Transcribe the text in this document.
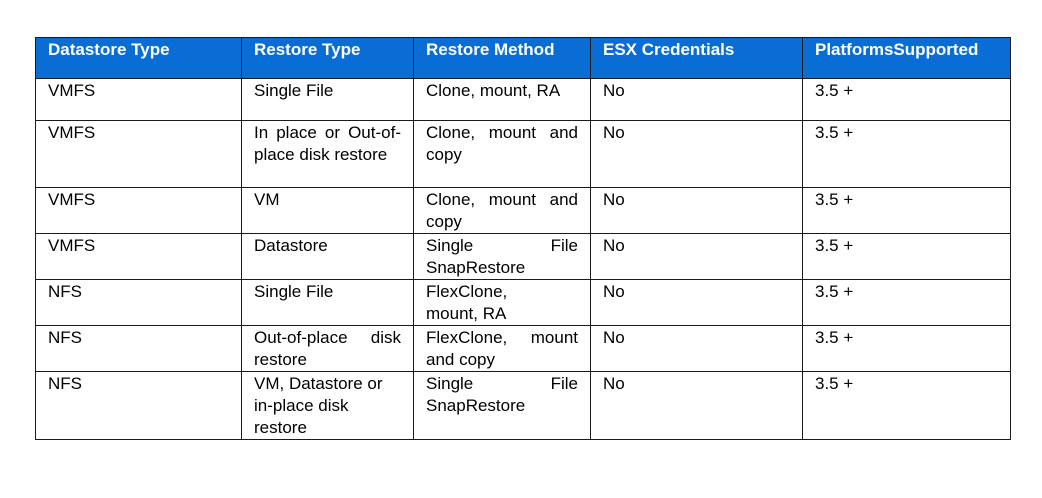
Datastore Type	Restore Type	Restore Method	ESX Credentials	PlatformsSupported
VMFS	Single File	Clone, mount, RA	No	3.5 +
VMFS	In place or Out-of-place disk restore	Clone, mount and copy	No	3.5 +
VMFS	VM	Clone, mount and copy	No	3.5 +
VMFS	Datastore	Single File SnapRestore	No	3.5 +
NFS	Single File	FlexClone, mount, RA	No	3.5 +
NFS	Out-of-place disk restore	FlexClone, mount and copy	No	3.5 +
NFS	VM, Datastore or in-place disk restore	Single File SnapRestore	No	3.5 +
